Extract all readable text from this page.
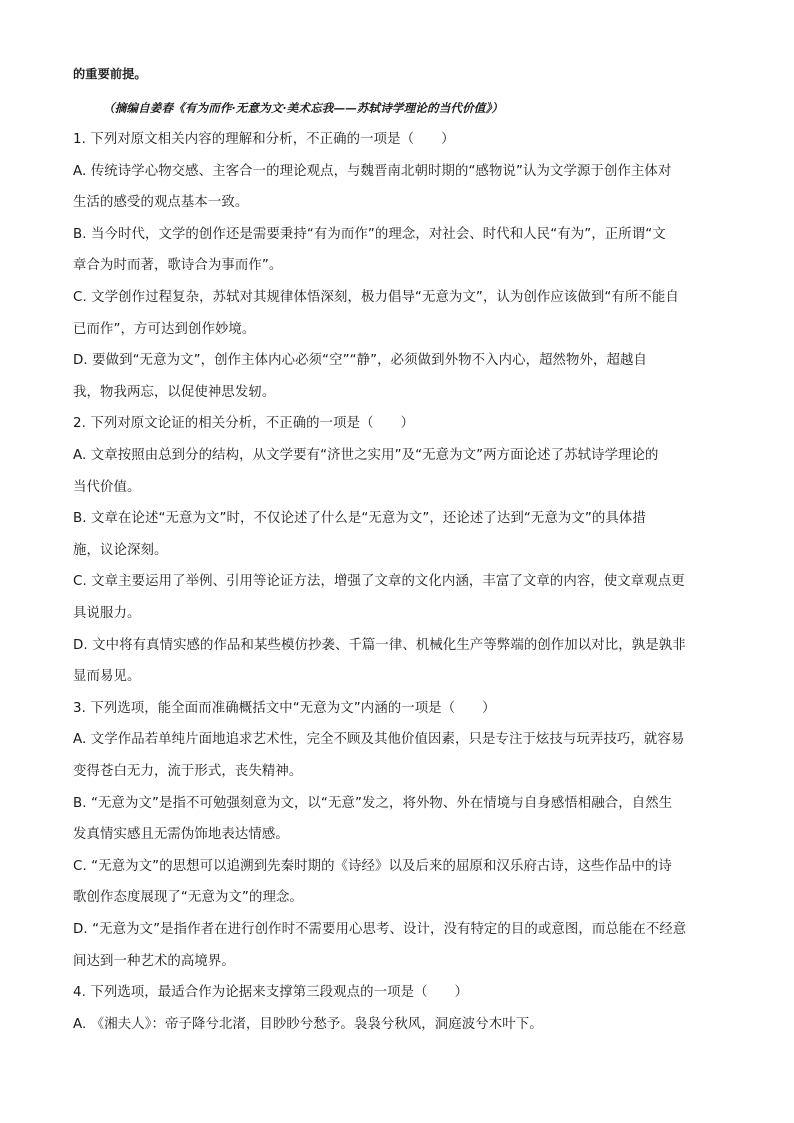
的重要前提。
（摘编自姜春《有为而作·无意为文·美术忘我——苏轼诗学理论的当代价值》）
1. 下列对原文相关内容的理解和分析，不正确的一项是（　　）
A. 传统诗学心物交感、主客合一的理论观点，与魏晋南北朝时期的“感物说”认为文学源于创作主体对
生活的感受的观点基本一致。
B. 当今时代，文学的创作还是需要秉持“有为而作”的理念，对社会、时代和人民“有为”，正所谓“文
章合为时而著，歌诗合为事而作”。
C. 文学创作过程复杂，苏轼对其规律体悟深刻，极力倡导“无意为文”，认为创作应该做到“有所不能自
已而作”，方可达到创作妙境。
D. 要做到“无意为文”，创作主体内心必须“空”“静”，必须做到外物不入内心，超然物外，超越自
我，物我两忘，以促使神思发轫。
2. 下列对原文论证的相关分析，不正确的一项是（　　）
A. 文章按照由总到分的结构，从文学要有“济世之实用”及“无意为文”两方面论述了苏轼诗学理论的
当代价值。
B. 文章在论述“无意为文”时，不仅论述了什么是“无意为文”，还论述了达到“无意为文”的具体措
施，议论深刻。
C. 文章主要运用了举例、引用等论证方法，增强了文章的文化内涵，丰富了文章的内容，使文章观点更
具说服力。
D. 文中将有真情实感的作品和某些模仿抄袭、千篇一律、机械化生产等弊端的创作加以对比，孰是孰非
显而易见。
3. 下列选项，能全面而准确概括文中“无意为文”内涵的一项是（　　）
A. 文学作品若单纯片面地追求艺术性，完全不顾及其他价值因素，只是专注于炫技与玩弄技巧，就容易
变得苍白无力，流于形式，丧失精神。
B. “无意为文”是指不可勉强刻意为文，以“无意”发之，将外物、外在情境与自身感悟相融合，自然生
发真情实感且无需伪饰地表达情感。
C. “无意为文”的思想可以追溯到先秦时期的《诗经》以及后来的屈原和汉乐府古诗，这些作品中的诗
歌创作态度展现了“无意为文”的理念。
D. “无意为文”是指作者在进行创作时不需要用心思考、设计，没有特定的目的或意图，而总能在不经意
间达到一种艺术的高境界。
4. 下列选项，最适合作为论据来支撑第三段观点的一项是（　　）
A. 《湘夫人》：帝子降兮北渚，目眇眇兮愁予。袅袅兮秋风，洞庭波兮木叶下。
